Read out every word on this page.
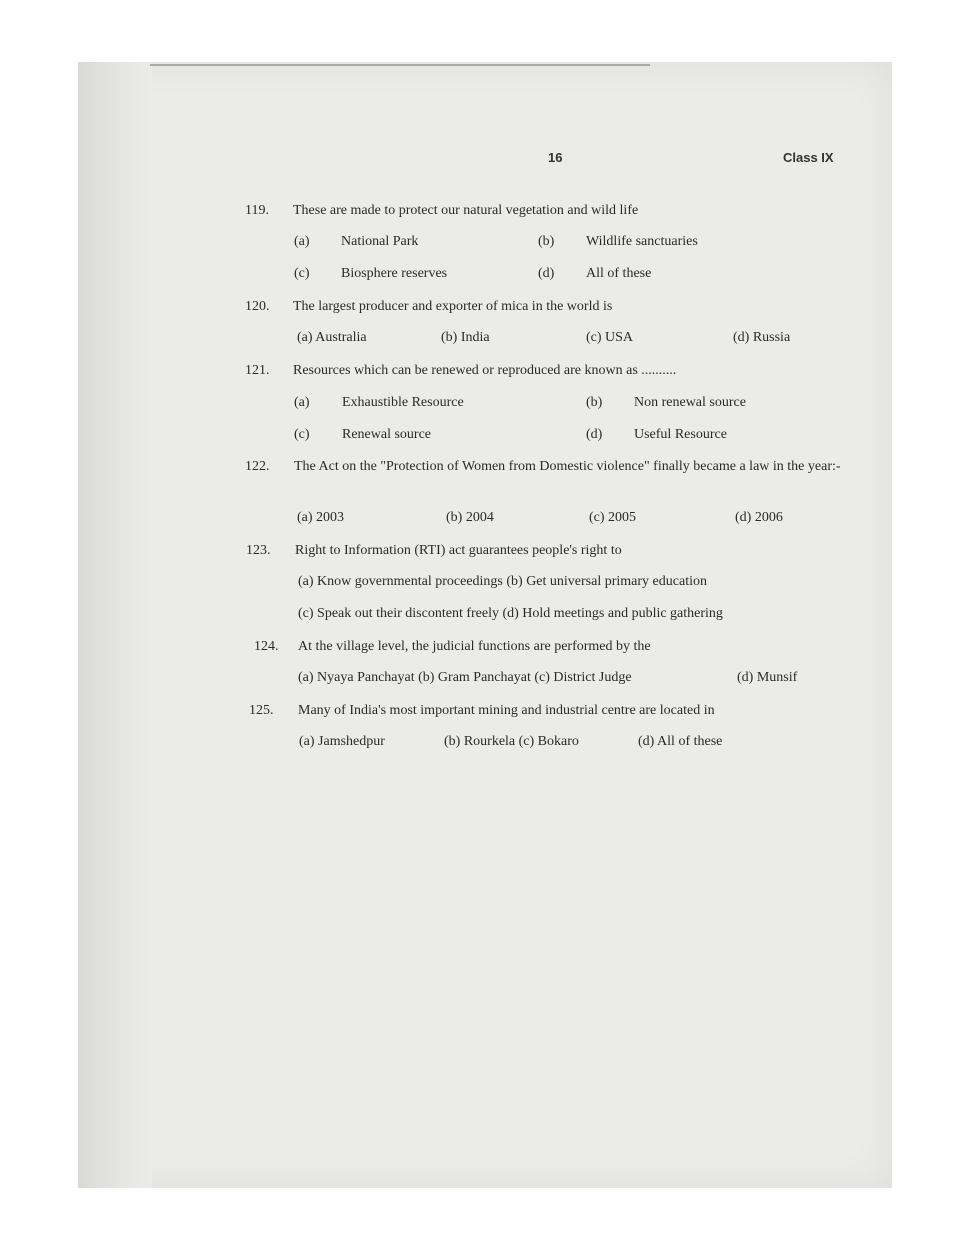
16	Class IX
119. These are made to protect our natural vegetation and wild life
(a) National Park	(b) Wildlife sanctuaries
(c) Biosphere reserves	(d) All of these
120. The largest producer and exporter of mica in the world is
(a) Australia	(b) India	(c) USA	(d) Russia
121. Resources which can be renewed or reproduced are known as ..........
(a) Exhaustible Resource	(b) Non renewal source
(c) Renewal source	(d) Useful Resource
122. The Act on the "Protection of Women from Domestic violence" finally became a law in the year:-
(a) 2003	(b) 2004	(c) 2005	(d) 2006
123. Right to Information (RTI) act guarantees people's right to
(a) Know governmental proceedings (b) Get universal primary education
(c) Speak out their discontent freely (d) Hold meetings and public gathering
124. At the village level, the judicial functions are performed by the
(a) Nyaya Panchayat (b) Gram Panchayat (c) District Judge	(d) Munsif
125. Many of India's most important mining and industrial centre are located in
(a) Jamshedpur	(b) Rourkela (c) Bokaro	(d) All of these
